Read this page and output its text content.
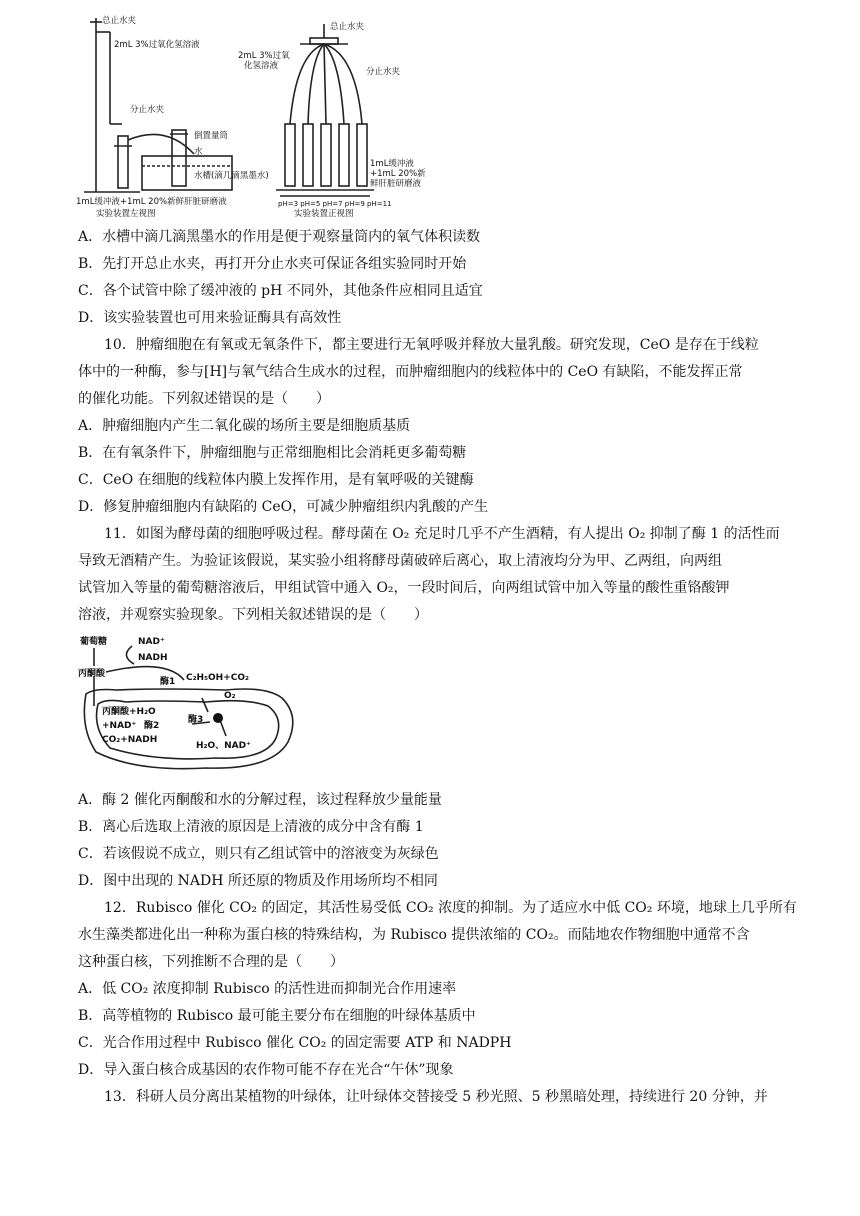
总止水夹
2mL 3%过氧化氢溶液
分止水夹
倒置量筒
水
水槽(滴几滴黑墨水)
1mL缓冲液+1mL 20%新鲜肝脏研磨液
实验装置左视图
总止水夹
2mL 3%过氧
化氢溶液
分止水夹
1mL缓冲液
+1mL 20%新
鲜肝脏研磨液
pH=3 pH=5 pH=7 pH=9 pH=11
实验装置正视图
A．水槽中滴几滴黑墨水的作用是便于观察量筒内的氧气体积读数
B．先打开总止水夹，再打开分止水夹可保证各组实验同时开始
C．各个试管中除了缓冲液的 pH 不同外，其他条件应相同且适宜
D．该实验装置也可用来验证酶具有高效性
10．肿瘤细胞在有氧或无氧条件下，都主要进行无氧呼吸并释放大量乳酸。研究发现，CeO 是存在于线粒
体中的一种酶，参与[H]与氧气结合生成水的过程，而肿瘤细胞内的线粒体中的 CeO 有缺陷，不能发挥正常
的催化功能。下列叙述错误的是（　　）
A．肿瘤细胞内产生二氧化碳的场所主要是细胞质基质
B．在有氧条件下，肿瘤细胞与正常细胞相比会消耗更多葡萄糖
C．CeO 在细胞的线粒体内膜上发挥作用，是有氧呼吸的关键酶
D．修复肿瘤细胞内有缺陷的 CeO，可减少肿瘤组织内乳酸的产生
11．如图为酵母菌的细胞呼吸过程。酵母菌在 O₂ 充足时几乎不产生酒精，有人提出 O₂ 抑制了酶 1 的活性而
导致无酒精产生。为验证该假说，某实验小组将酵母菌破碎后离心，取上清液均分为甲、乙两组，向两组
试管加入等量的葡萄糖溶液后，甲组试管中通入 O₂，一段时间后，向两组试管中加入等量的酸性重铬酸钾
溶液，并观察实验现象。下列相关叙述错误的是（　　）
葡萄糖	NAD⁺
NADH
丙酮酸
酶1 C₂H₅OH+CO₂
O₂
丙酮酸+H₂O
+NAD⁺ 酶2
CO₂+NADH
酶3
H₂O、NAD⁺
A．酶 2 催化丙酮酸和水的分解过程，该过程释放少量能量
B．离心后选取上清液的原因是上清液的成分中含有酶 1
C．若该假说不成立，则只有乙组试管中的溶液变为灰绿色
D．图中出现的 NADH 所还原的物质及作用场所均不相同
12．Rubisco 催化 CO₂ 的固定，其活性易受低 CO₂ 浓度的抑制。为了适应水中低 CO₂ 环境，地球上几乎所有
水生藻类都进化出一种称为蛋白核的特殊结构，为 Rubisco 提供浓缩的 CO₂。而陆地农作物细胞中通常不含
这种蛋白核，下列推断不合理的是（　　）
A．低 CO₂ 浓度抑制 Rubisco 的活性进而抑制光合作用速率
B．高等植物的 Rubisco 最可能主要分布在细胞的叶绿体基质中
C．光合作用过程中 Rubisco 催化 CO₂ 的固定需要 ATP 和 NADPH
D．导入蛋白核合成基因的农作物可能不存在光合“午休”现象
13．科研人员分离出某植物的叶绿体，让叶绿体交替接受 5 秒光照、5 秒黑暗处理，持续进行 20 分钟，并
